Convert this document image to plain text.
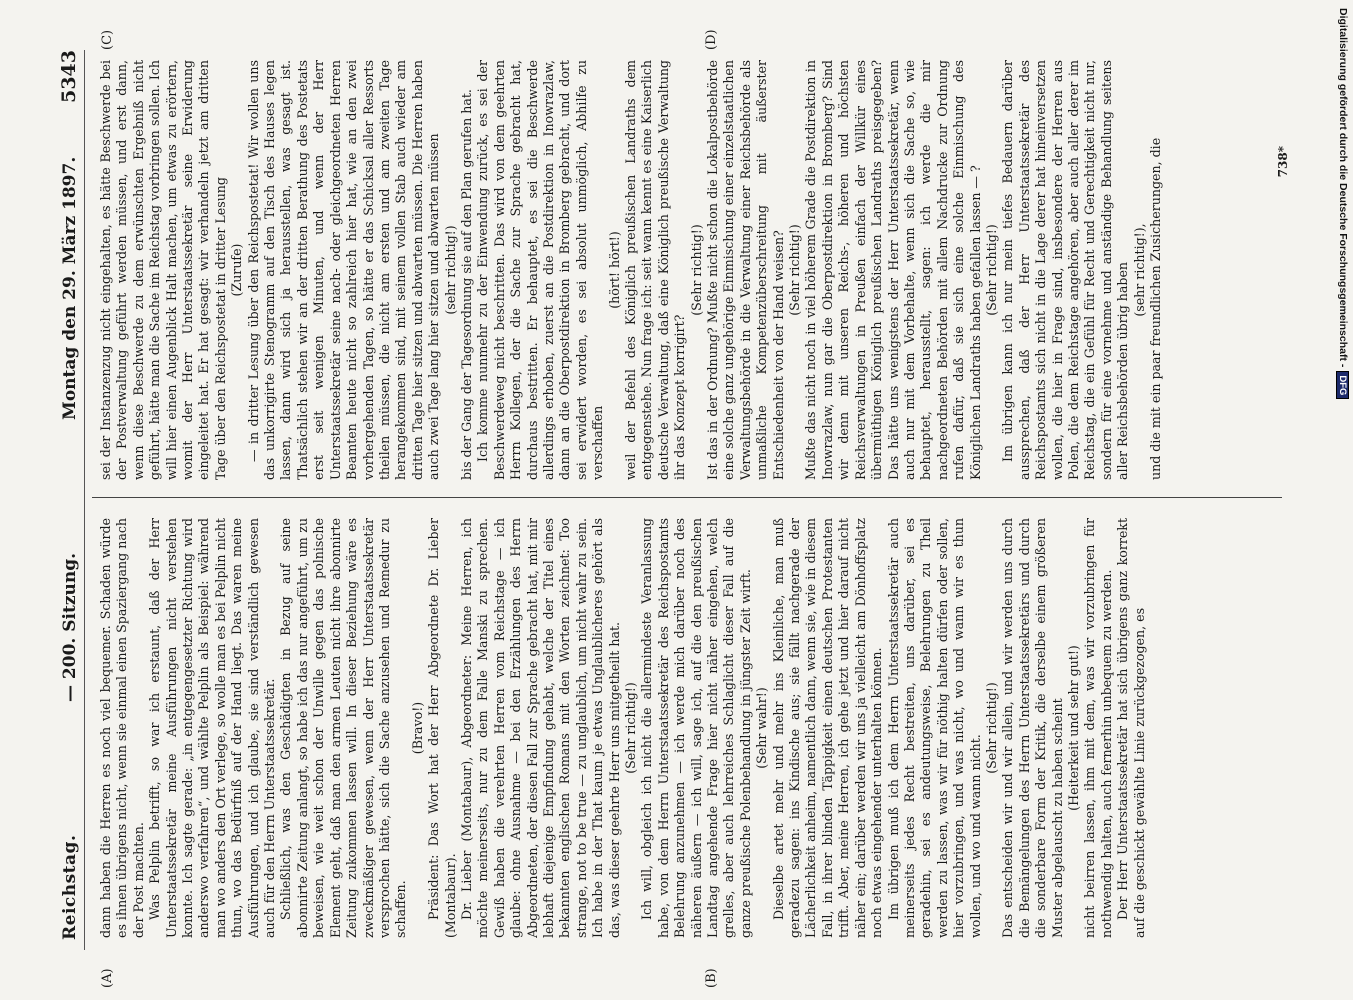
Reichstag.
— 200. Sitzung.
Montag den 29. März 1897.
5343
(A)	(B)
(C)	(D)

dann haben die Herren es noch viel bequemer. Schaden würde es ihnen übrigens nicht, wenn sie einmal einen Spaziergang nach der Post machten. Was Pelplin betrifft, so war ich erstaunt, daß der Herr Unterstaatssekretär meine Ausführungen nicht verstehen konnte. Ich sagte gerade: „in entgegengesetzter Richtung wird anderswo verfahren“, und wählte Pelplin als Beispiel: während man wo anders den Ort verlege, so wolle man es bei Pelplin nicht thun, wo das Bedürfniß auf der Hand liegt. Das waren meine Ausführungen, und ich glaube, sie sind verständlich gewesen auch für den Herrn Unterstaatssekretär. Schließlich, was den Geschädigten in Bezug auf seine abonnirte Zeitung anlangt, so habe ich das nur angeführt, um zu beweisen, wie weit schon der Unwille gegen das polnische Element geht, daß man den armen Leuten nicht ihre abonnirte Zeitung zukommen lassen will. In dieser Beziehung wäre es zweckmäßiger gewesen, wenn der Herr Unterstaatssekretär versprochen hätte, sich die Sache anzusehen und Remedur zu schaffen.

(Bravo!) Präsident: Das Wort hat der Herr Abgeordnete Dr. Lieber (Montabaur). Dr. Lieber (Montabaur), Abgeordneter: Meine Herren, ich möchte meinerseits, nur zu dem Falle Manski zu sprechen. Gewiß haben die verehrten Herren vom Reichstage — ich glaube: ohne Ausnahme — bei den Erzählungen des Herrn Abgeordneten, der diesen Fall zur Sprache gebracht hat, mit mir lebhaft diejenige Empfindung gehabt, welche der Titel eines bekannten englischen Romans mit den Worten zeichnet: Too strange, not to be true — zu unglaublich, um nicht wahr zu sein. Ich habe in der That kaum je etwas Unglaublicheres gehört als das, was dieser geehrte Herr uns mitgetheilt hat. (Sehr richtig!) Ich will, obgleich ich nicht die allermindeste Veranlassung habe, von dem Herrn Unterstaatssekretär des Reichspostamts Belehrung anzunehmen — ich werde mich darüber noch des näheren äußern — ich will, sage ich, auf die den preußischen Landtag angehende Frage hier nicht näher eingehen, welch grelles, aber auch lehrreiches Schlaglicht dieser Fall auf die ganze preußische Polenbehandlung in jüngster Zeit wirft. (Sehr wahr!) Dieselbe artet mehr und mehr ins Kleinliche, man muß geradezu sagen: ins Kindische aus; sie fällt nachgerade der Lächerlichkeit anheim, namentlich dann, wenn sie, wie in diesem Fall, in ihrer blinden Täppigkeit einen deutschen Protestanten trifft. Aber, meine Herren, ich gehe jetzt und hier darauf nicht näher ein; darüber werden wir uns ja vielleicht am Dönhoffsplatz noch etwas eingehender unterhalten können. Im übrigen muß ich dem Herrn Unterstaatssekretär auch meinerseits jedes Recht bestreiten, uns darüber, sei es geradehin, sei es andeutungsweise, Belehrungen zu Theil werden zu lassen, was wir für nöthig halten dürfen oder sollen, hier vorzubringen, und was nicht, wo und wann wir es thun wollen, und wo und wann nicht.

(Sehr richtig!) Das entscheiden wir und wir allein, und wir werden uns durch die Bemängelungen des Herrn Unterstaatssekretärs und durch die sonderbare Form der Kritik, die derselbe einem größeren Muster abgelauscht zu haben scheint (Heiterkeit und sehr gut!) nicht beirren lassen, ihm mit dem, was wir vorzubringen für nothwendig halten, auch fernerhin unbequem zu werden. Der Herr Unterstaatssekretär hat sich übrigens ganz korrekt auf die geschickt gewählte Linie zurückgezogen, es

sei der Instanzenzug nicht eingehalten, es hätte Beschwerde bei der Postverwaltung geführt werden müssen, und erst dann, wenn diese Beschwerde zu dem erwünschten Ergebniß nicht geführt, hätte man die Sache im Reichstag vorbringen sollen. Ich will hier einen Augenblick Halt machen, um etwas zu erörtern, womit der Herr Unterstaatssekretär seine Erwiderung eingeleitet hat. Er hat gesagt: wir verhandeln jetzt am dritten Tage über den Reichspostetat in dritter Lesung (Zurufe) — in dritter Lesung über den Reichspostetat! Wir wollen uns das unkorrigirte Stenogramm auf den Tisch des Hauses legen lassen, dann wird sich ja herausstellen, was gesagt ist. Thatsächlich stehen wir an der dritten Berathung des Postetats erst seit wenigen Minuten, und wenn der Herr Unterstaatssekretär seine nach- oder gleichgeordneten Herren Beamten heute nicht so zahlreich hier hat, wie an den zwei vorhergehenden Tagen, so hätte er das Schicksal aller Ressorts theilen müssen, die nicht am ersten und am zweiten Tage herangekommen sind, mit seinem vollen Stab auch wieder am dritten Tage hier sitzen und abwarten müssen. Die Herren haben auch zwei Tage lang hier sitzen und abwarten müssen (sehr richtig!) bis der Gang der Tagesordnung sie auf den Plan gerufen hat. Ich komme nunmehr zu der Einwendung zurück, es sei der Beschwerdeweg nicht beschritten. Das wird von dem geehrten Herrn Kollegen, der die Sache zur Sprache gebracht hat, durchaus bestritten. Er behauptet, es sei die Beschwerde allerdings erhoben, zuerst an die Postdirektion in Inowrazlaw, dann an die Oberpostdirektion in Bromberg gebracht, und dort sei erwidert worden, es sei absolut unmöglich, Abhilfe zu verschaffen

(hört! hört!) weil der Befehl des Königlich preußischen Landraths dem entgegenstehe. Nun frage ich: seit wann kennt es eine Kaiserlich deutsche Verwaltung, daß eine Königlich preußische Verwaltung ihr das Konzept korrigirt?

(Sehr richtig!) Ist das in der Ordnung? Mußte nicht schon die Lokalpostbehörde eine solche ganz ungehörige Einmischung einer einzelstaatlichen Verwaltungsbehörde in die Verwaltung einer Reichsbehörde als unmaßliche Kompetenzüberschreitung mit äußerster Entschiedenheit von der Hand weisen? (Sehr richtig!) Mußte das nicht noch in viel höherem Grade die Postdirektion in Inowrazlaw, nun gar die Oberpostdirektion in Bromberg? Sind wir denn mit unseren Reichs-, höheren und höchsten Reichsverwaltungen in Preußen einfach der Willkür eines übermüthigen Königlich preußischen Landraths preisgegeben? Das hätte uns wenigstens der Herr Unterstaatssekretär, wenn auch nur mit dem Vorbehalte, wenn sich die Sache so, wie behauptet, herausstellt, sagen: ich werde die mir nachgeordneten Behörden mit allem Nachdrucke zur Ordnung rufen dafür, daß sie sich eine solche Einmischung des Königlichen Landraths haben gefallen lassen — ? (Sehr richtig!) Im übrigen kann ich nur mein tiefes Bedauern darüber aussprechen, daß der Herr Unterstaatssekretär des Reichspostamts sich nicht in die Lage derer hat hineinversetzen wollen, die hier in Frage sind, insbesondere der Herren aus Polen, die dem Reichstage angehören, aber auch aller derer im Reichstag, die ein Gefühl für Recht und Gerechtigkeit nicht nur, sondern für eine vornehme und anständige Behandlung seitens aller Reichsbehörden übrig haben (sehr richtig!), und die mit ein paar freundlichen Zusicherungen, die	738*	Digitalisierung gefördert durch die Deutsche Forschungsgemeinschaft -DFG
